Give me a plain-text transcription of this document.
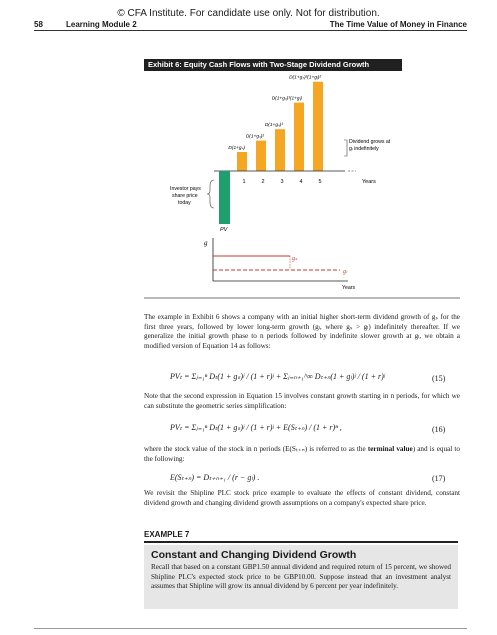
© CFA Institute. For candidate use only. Not for distribution.
58	Learning Module 2	The Time Value of Money in Finance
Exhibit 6: Equity Cash Flows with Two-Stage Dividend Growth
D(1+gₛ)
D(1+gₛ)²
D(1+gₛ)³
D(1+gₛ)³(1+gₗ)
D(1+gₛ)³(1+gₗ)²
1	2	3	4	5	Years
Dividend grows at
gₗ indefinitely
PV
Investor pays
share price
today
g
gₛ
gₗ
Years
The example in Exhibit 6 shows a company with an initial higher short-term dividend growth of gₛ for the first three years, followed by lower long-term growth (gₗ, where gₛ > gₗ) indefinitely thereafter. If we generalize the initial growth phase to n periods followed by indefinite slower growth at gₗ, we obtain a modified version of Equation 14 as follows:
PVₜ = Σⱼ₌₁ⁿ Dₜ(1 + gₛ)ʲ / (1 + r)ʲ + Σⱼ₌ₙ₊₁^∞ Dₜ₊ₙ(1 + gₗ)ʲ / (1 + r)ʲ	(15)
Note that the second expression in Equation 15 involves constant growth starting in n periods, for which we can substitute the geometric series simplification:
PVₜ = Σⱼ₌₁ⁿ Dₜ(1 + gₛ)ʲ / (1 + r)ʲ + E(Sₜ₊ₙ) / (1 + r)ⁿ ,	(16)
where the stock value of the stock in n periods (E(Sₜ₊ₙ) is referred to as the terminal value) and is equal to the following:
E(Sₜ₊ₙ) = Dₜ₊ₙ₊₁ / (r − gₗ) .	(17)
We revisit the Shipline PLC stock price example to evaluate the effects of constant dividend, constant dividend growth and changing dividend growth assumptions on a company's expected share price.
EXAMPLE 7
Constant and Changing Dividend Growth
Recall that based on a constant GBP1.50 annual dividend and required return of 15 percent, we showed Shipline PLC's expected stock price to be GBP10.00. Suppose instead that an investment analyst assumes that Shipline will grow its annual dividend by 6 percent per year indefinitely.
